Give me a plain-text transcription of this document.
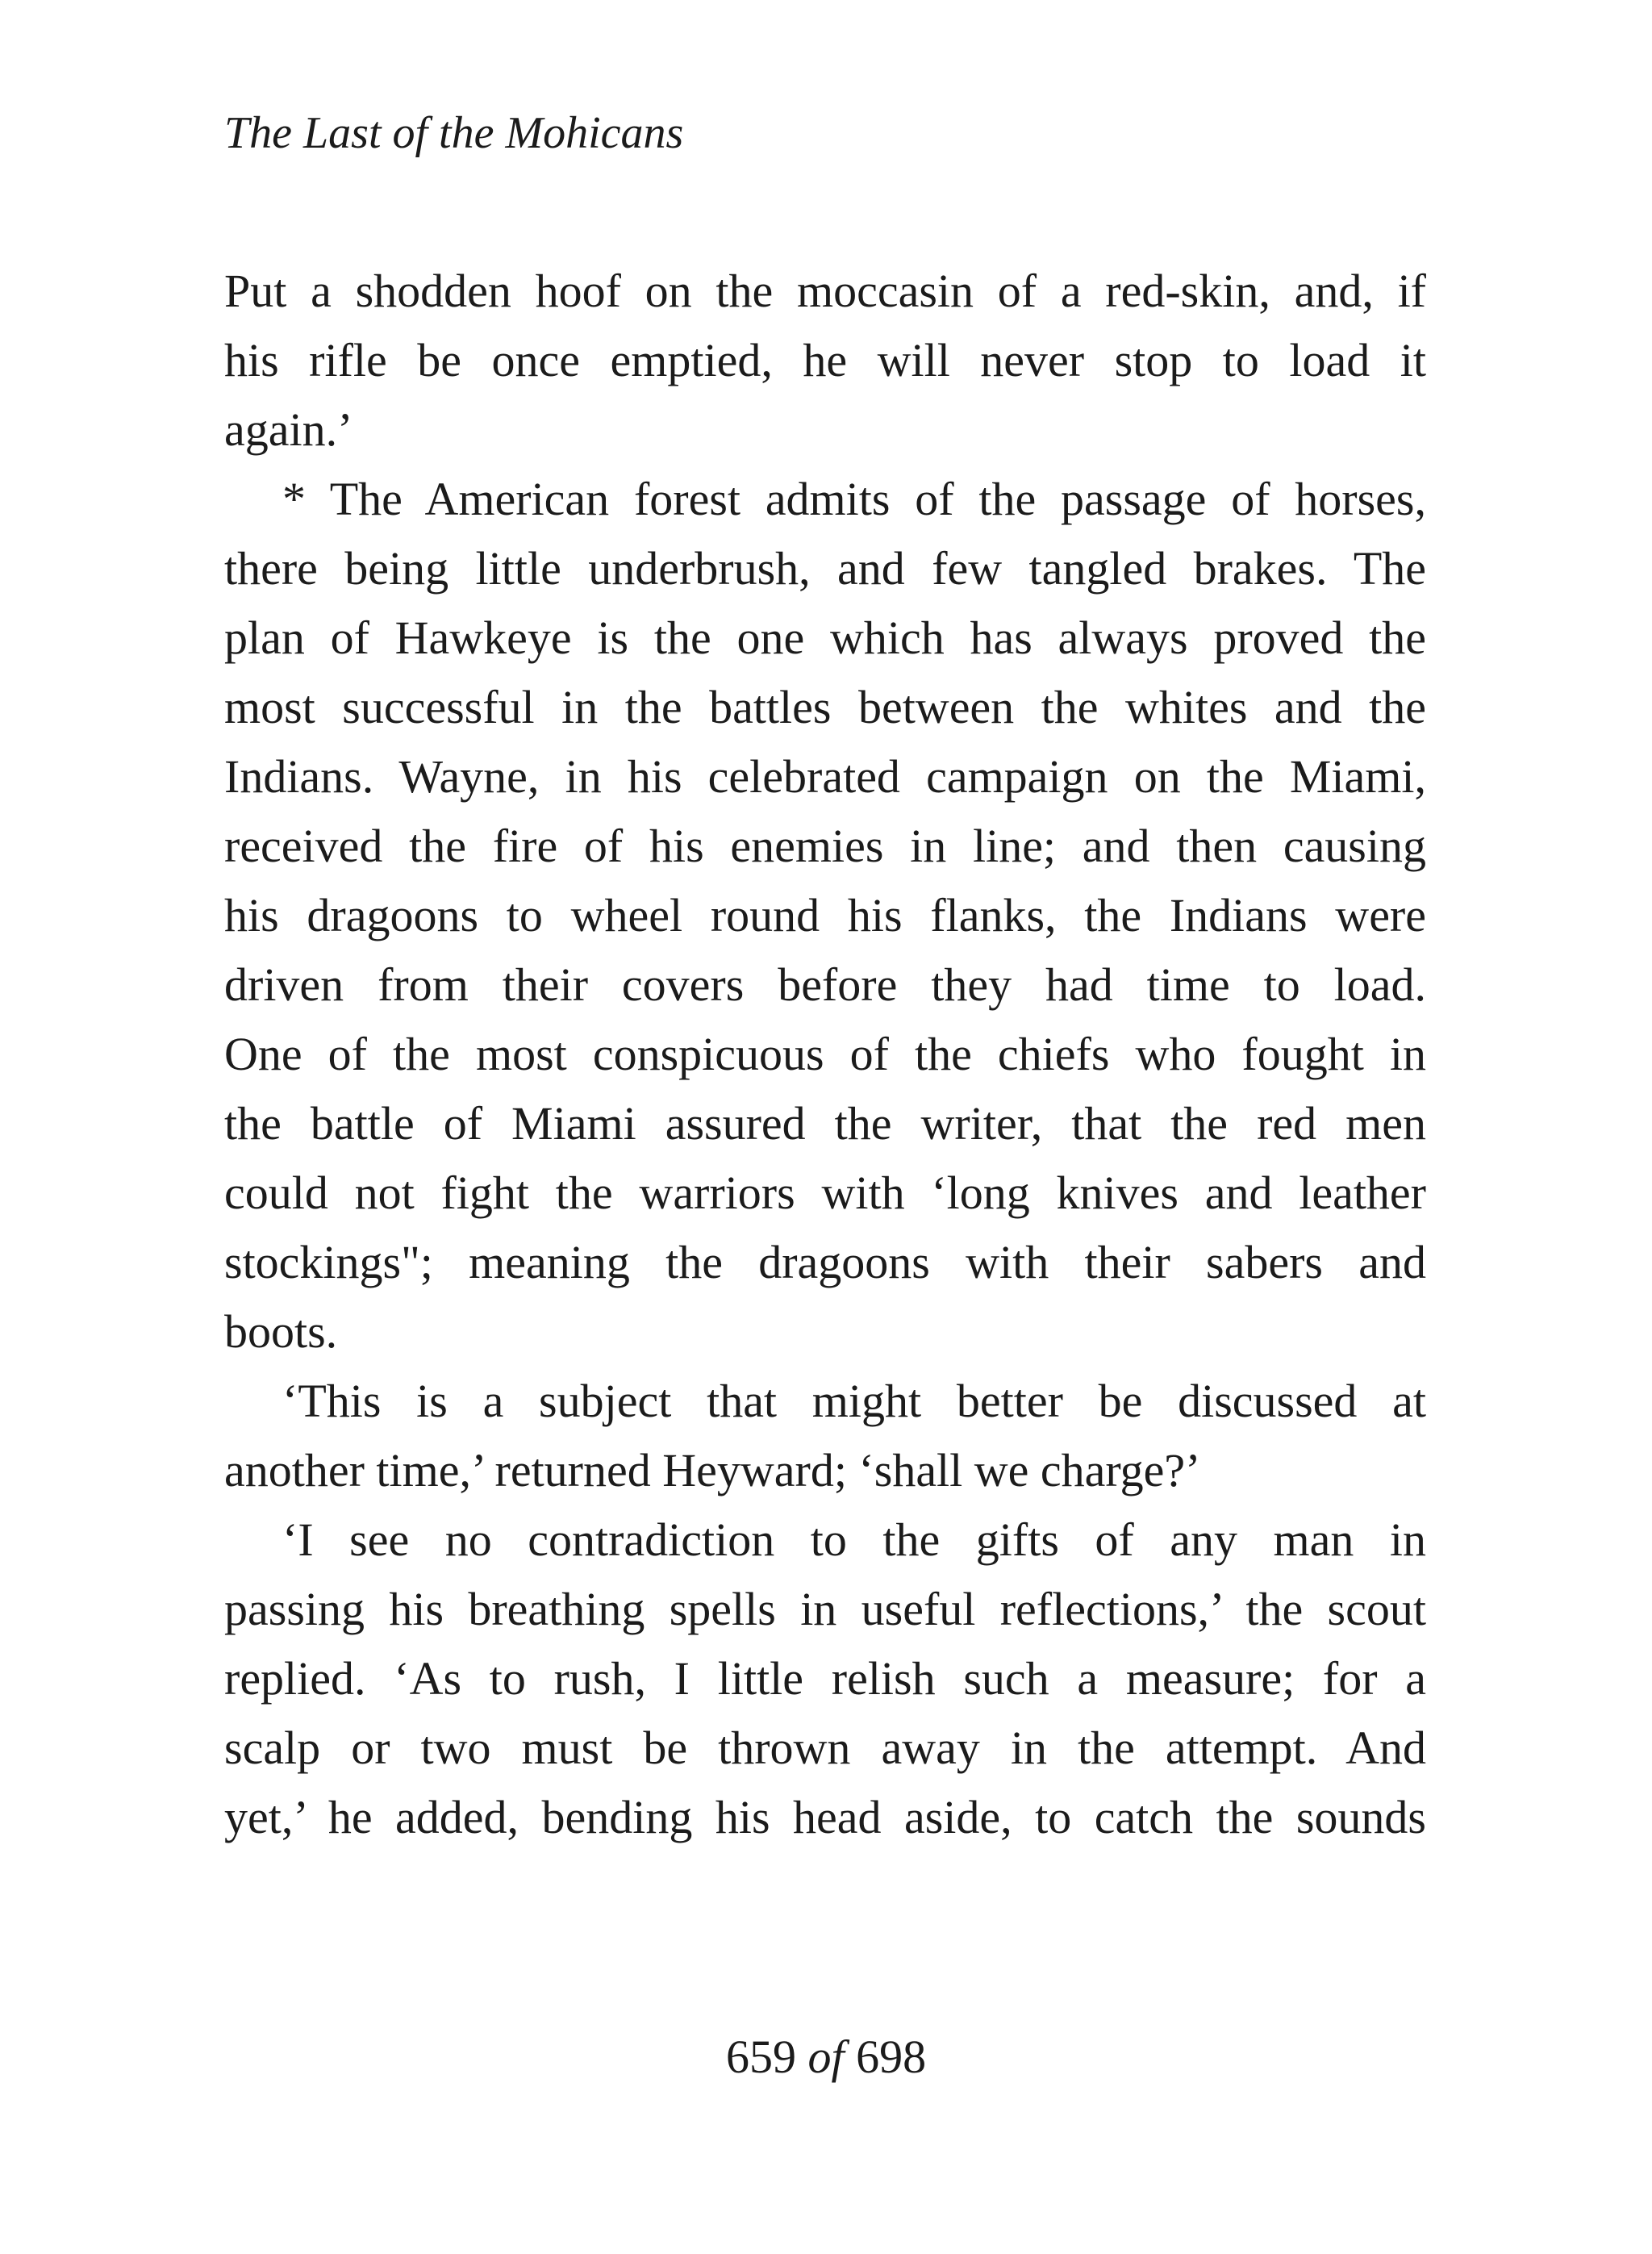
The Last of the Mohicans
Put a shodden hoof on the moccasin of a red-skin, and, if
his rifle be once emptied, he will never stop to load it
again.’
* The American forest admits of the passage of horses,
there being little underbrush, and few tangled brakes. The
plan of Hawkeye is the one which has always proved the
most successful in the battles between the whites and the
Indians. Wayne, in his celebrated campaign on the Miami,
received the fire of his enemies in line; and then causing
his dragoons to wheel round his flanks, the Indians were
driven from their covers before they had time to load.
One of the most conspicuous of the chiefs who fought in
the battle of Miami assured the writer, that the red men
could not fight the warriors with ‘long knives and leather
stockings"; meaning the dragoons with their sabers and
boots.
‘This is a subject that might better be discussed at
another time,’ returned Heyward; ‘shall we charge?’
‘I see no contradiction to the gifts of any man in
passing his breathing spells in useful reflections,’ the scout
replied. ‘As to rush, I little relish such a measure; for a
scalp or two must be thrown away in the attempt. And
yet,’ he added, bending his head aside, to catch the sounds
659 of 698
